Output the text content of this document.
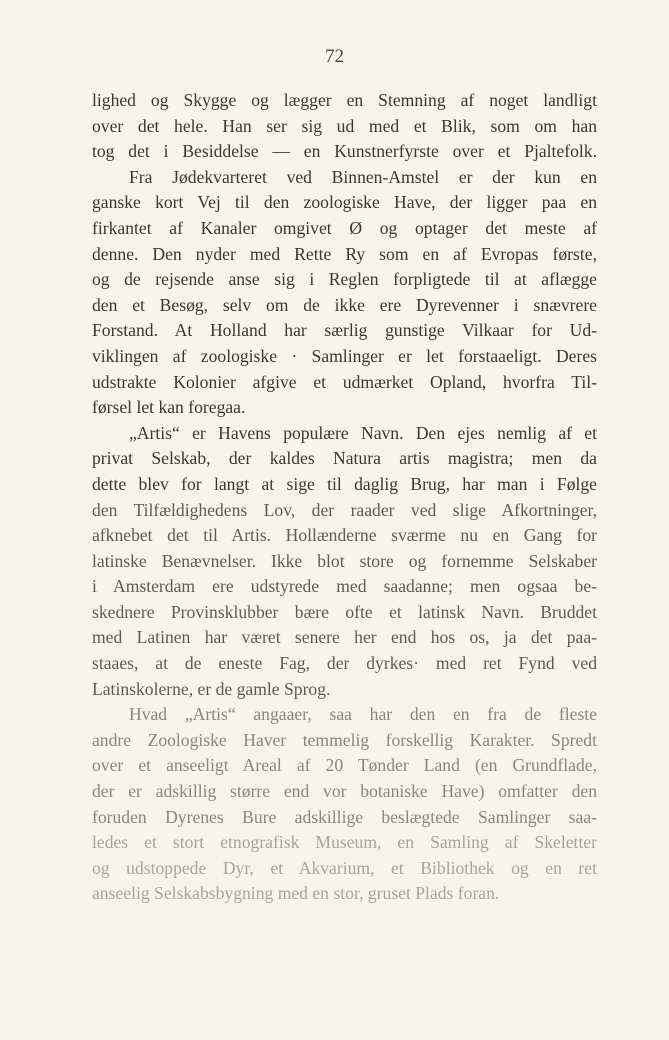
72
lighed og Skygge og lægger en Stemning af noget landligt
over det hele. Han ser sig ud med et Blik, som om han
tog det i Besiddelse — en Kunstnerfyrste over et Pjaltefolk.
Fra Jødekvarteret ved Binnen-Amstel er der kun en
ganske kort Vej til den zoologiske Have, der ligger paa en
firkantet af Kanaler omgivet Ø og optager det meste af
denne. Den nyder med Rette Ry som en af Evropas første,
og de rejsende anse sig i Reglen forpligtede til at aflægge
den et Besøg, selv om de ikke ere Dyrevenner i snævrere
Forstand. At Holland har særlig gunstige Vilkaar for Ud-
viklingen af zoologiske · Samlinger er let forstaaeligt. Deres
udstrakte Kolonier afgive et udmærket Opland, hvorfra Til-
førsel let kan foregaa.
„Artis“ er Havens populære Navn. Den ejes nemlig af et
privat Selskab, der kaldes Natura artis magistra; men da
dette blev for langt at sige til daglig Brug, har man i Følge
den Tilfældighedens Lov, der raader ved slige Afkortninger,
afknebet det til Artis. Hollænderne sværme nu en Gang for
latinske Benævnelser. Ikke blot store og fornemme Selskaber
i Amsterdam ere udstyrede med saadanne; men ogsaa be-
skednere Provinsklubber bære ofte et latinsk Navn. Bruddet
med Latinen har været senere her end hos os, ja det paa-
staaes, at de eneste Fag, der dyrkes· med ret Fynd ved
Latinskolerne, er de gamle Sprog.
Hvad „Artis“ angaaer, saa har den en fra de fleste
andre Zoologiske Haver temmelig forskellig Karakter. Spredt
over et anseeligt Areal af 20 Tønder Land (en Grundflade,
der er adskillig større end vor botaniske Have) omfatter den
foruden Dyrenes Bure adskillige beslægtede Samlinger saa-
ledes et stort etnografisk Museum, en Samling af Skeletter
og udstoppede Dyr, et Akvarium, et Bibliothek og en ret
anseelig Selskabsbygning med en stor, gruset Plads foran.
